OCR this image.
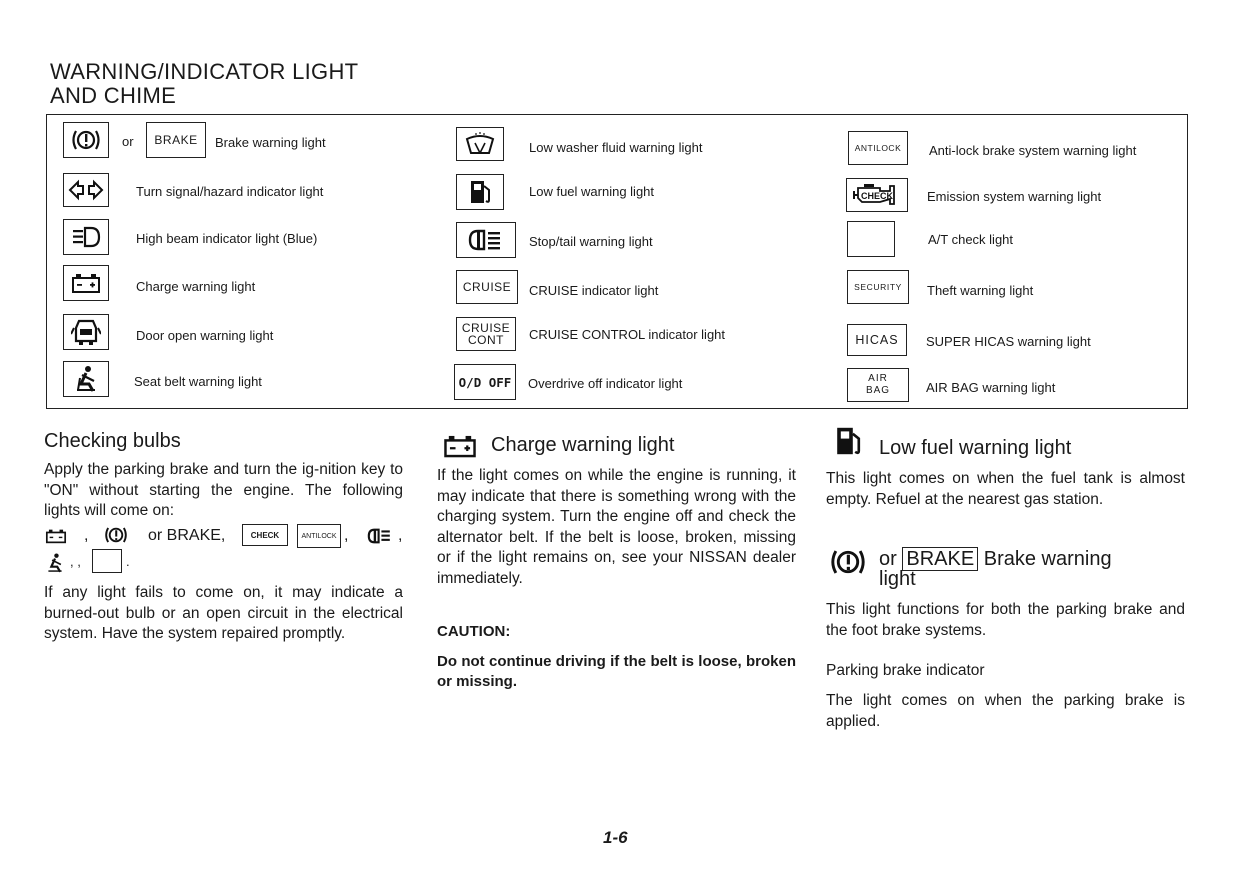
WARNING/INDICATOR LIGHT
AND CHIME
or	BRAKE	Brake warning light
Turn signal/hazard indicator light
High beam indicator light (Blue)
Charge warning light
Door open warning light
Seat belt warning light
Low washer fluid warning light
Low fuel warning light
Stop/tail warning light
CRUISE	CRUISE indicator light
CRUISE
CONT CRUISE CONTROL indicator light
O/D OFF	Overdrive off indicator light
ANTILOCK	Anti-lock brake system warning light
CHECK	Emission system warning light
A/T check light
SECURITY	Theft warning light
HICAS	SUPER HICAS warning light
AIR
BAG	AIR BAG warning light
Checking bulbs
Apply the parking brake and turn the ig-nition key to "ON" without starting the engine. The following lights will come on:
,	or BRAKE,	CHECK	ANTILOCK ,	,
, ,	.
If any light fails to come on, it may indicate a burned-out bulb or an open circuit in the electrical system. Have the system repaired promptly.
Charge warning light
If the light comes on while the engine is running, it may indicate that there is something wrong with the charging system. Turn the engine off and check the alternator belt. If the belt is loose, broken, missing or if the light remains on, see your NISSAN dealer immediately.
CAUTION:
Do not continue driving if the belt is loose, broken or missing.
Low fuel warning light
This light comes on when the fuel tank is almost empty. Refuel at the nearest gas station.
or BRAKE Brake warning
light
This light functions for both the parking brake and the foot brake systems.
Parking brake indicator
The light comes on when the parking brake is applied.
1-6
